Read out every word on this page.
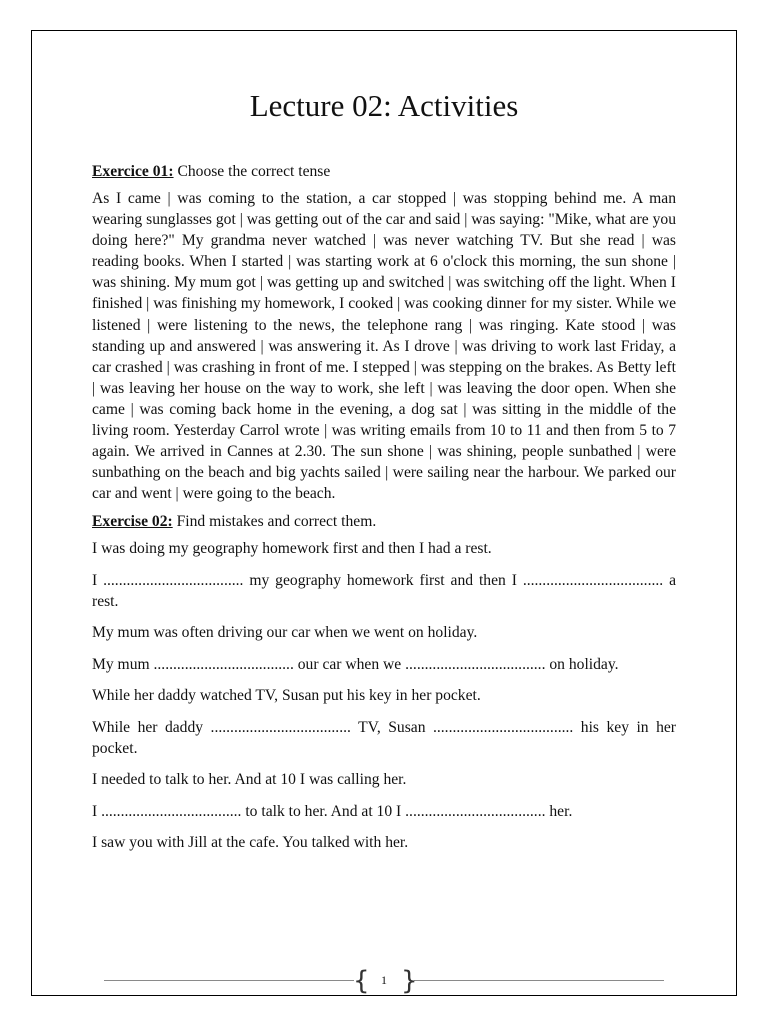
Lecture 02: Activities
Exercice 01: Choose the correct tense

As I came | was coming to the station, a car stopped | was stopping behind me. A man wearing sunglasses got | was getting out of the car and said | was saying: "Mike, what are you doing here?" My grandma never watched | was never watching TV. But she read | was reading books. When I started | was starting work at 6 o'clock this morning, the sun shone | was shining. My mum got | was getting up and switched | was switching off the light. When I finished | was finishing my homework, I cooked | was cooking dinner for my sister. While we listened | were listening to the news, the telephone rang | was ringing. Kate stood | was standing up and answered | was answering it. As I drove | was driving to work last Friday, a car crashed | was crashing in front of me. I stepped | was stepping on the brakes. As Betty left | was leaving her house on the way to work, she left | was leaving the door open. When she came | was coming back home in the evening, a dog sat | was sitting in the middle of the living room. Yesterday Carrol wrote | was writing emails from 10 to 11 and then from 5 to 7 again. We arrived in Cannes at 2.30. The sun shone | was shining, people sunbathed | were sunbathing on the beach and big yachts sailed | were sailing near the harbour. We parked our car and went | were going to the beach.

Exercise 02: Find mistakes and correct them.

I was doing my geography homework first and then I had a rest.

I .................................... my geography homework first and then I .................................... a rest.

My mum was often driving our car when we went on holiday.

My mum .................................... our car when we .................................... on holiday.

While her daddy watched TV, Susan put his key in her pocket.

While her daddy .................................... TV, Susan .................................... his key in her pocket.

I needed to talk to her. And at 10 I was calling her.

I .................................... to talk to her. And at 10 I .................................... her.

I saw you with Jill at the cafe. You talked with her.

{ 1 }
